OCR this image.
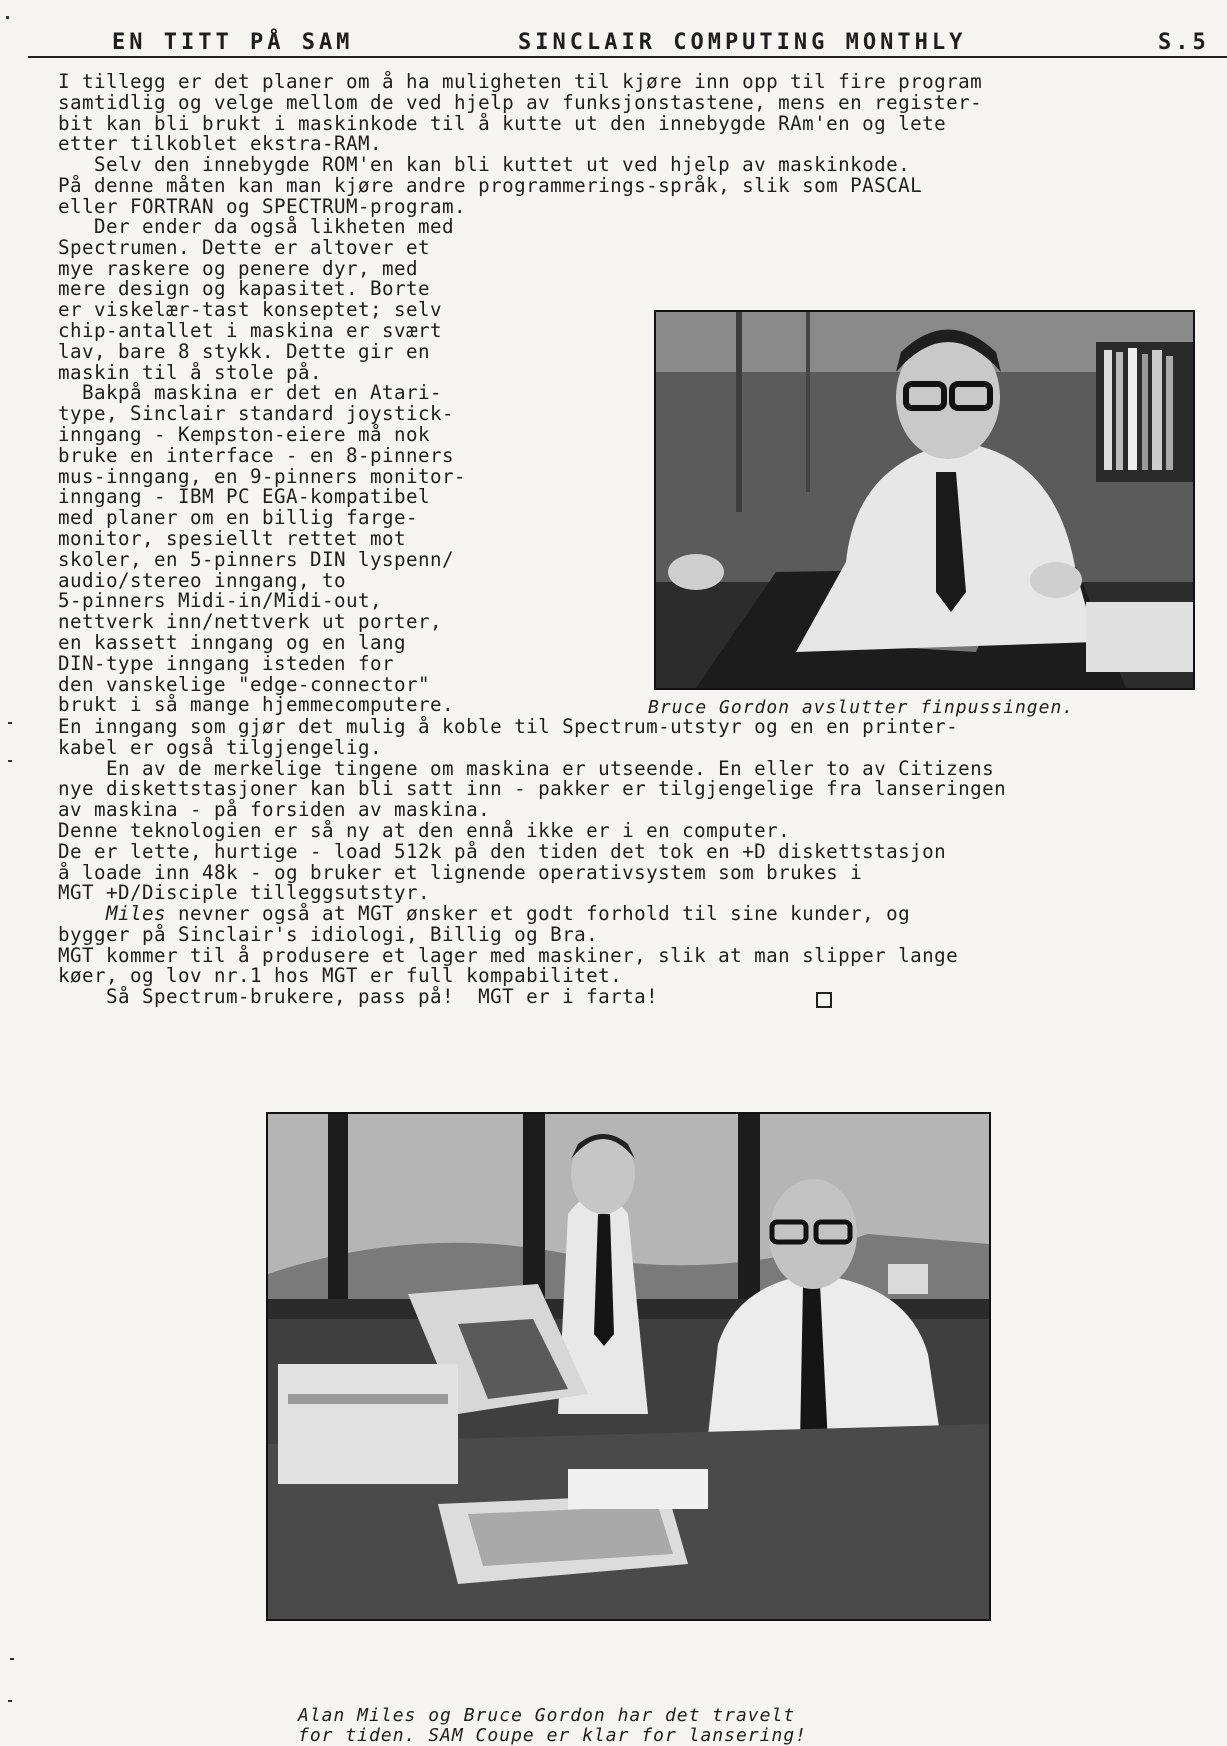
EN TITT PÅ SAM	SINCLAIR COMPUTING MONTHLY	S.5
I tillegg er det planer om å ha muligheten til kjøre inn opp til fire program
samtidlig og velge mellom de ved hjelp av funksjonstastene, mens en register-
bit kan bli brukt i maskinkode til å kutte ut den innebygde RAm'en og lete
etter tilkoblet ekstra-RAM.
Selv den innebygde ROM'en kan bli kuttet ut ved hjelp av maskinkode.
På denne måten kan man kjøre andre programmerings-språk, slik som PASCAL
eller FORTRAN og SPECTRUM-program.
Der ender da også likheten med
Spectrumen. Dette er altover et
mye raskere og penere dyr, med
mere design og kapasitet. Borte
er viskelær-tast konseptet; selv
chip-antallet i maskina er svært
lav, bare 8 stykk. Dette gir en
maskin til å stole på.
Bakpå maskina er det en Atari-
type, Sinclair standard joystick-
inngang - Kempston-eiere må nok
bruke en interface - en 8-pinners
mus-inngang, en 9-pinners monitor-
inngang - IBM PC EGA-kompatibel
med planer om en billig farge-
monitor, spesiellt rettet mot
skoler, en 5-pinners DIN lyspenn/
audio/stereo inngang, to
5-pinners Midi-in/Midi-out,
nettverk inn/nettverk ut porter,
en kassett inngang og en lang
DIN-type inngang isteden for
den vanskelige "edge-connector"
brukt i så mange hjemmecomputere.
En inngang som gjør det mulig å koble til Spectrum-utstyr og en en printer-
kabel er også tilgjengelig.
En av de merkelige tingene om maskina er utseende. En eller to av Citizens
nye diskettstasjoner kan bli satt inn - pakker er tilgjengelige fra lanseringen
av maskina - på forsiden av maskina.
Denne teknologien er så ny at den ennå ikke er i en computer.
De er lette, hurtige - load 512k på den tiden det tok en +D diskettstasjon
å loade inn 48k - og bruker et lignende operativsystem som brukes i
MGT +D/Disciple tilleggsutstyr.
Miles nevner også at MGT ønsker et godt forhold til sine kunder, og
bygger på Sinclair's idiologi, Billig og Bra.
MGT kommer til å produsere et lager med maskiner, slik at man slipper lange
køer, og lov nr.1 hos MGT er full kompabilitet.
Så Spectrum-brukere, pass på!  MGT er i farta!
Bruce Gordon avslutter finpussingen.
Alan Miles og Bruce Gordon har det travelt
for tiden. SAM Coupe er klar for lansering!
